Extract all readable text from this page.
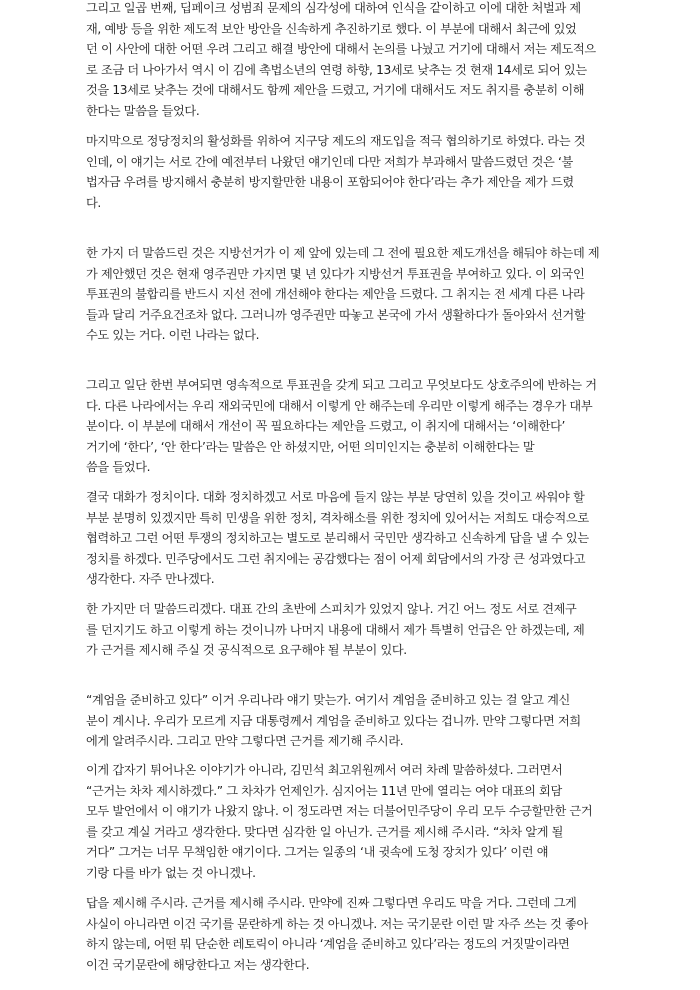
그리고 일곱 번째, 딥페이크 성범죄 문제의 심각성에 대하여 인식을 같이하고 이에 대한 처벌과 제
재, 예방 등을 위한 제도적 보안 방안을 신속하게 추진하기로 했다. 이 부분에 대해서 최근에 있었
던 이 사안에 대한 어떤 우려 그리고 해결 방안에 대해서 논의를 나눴고 거기에 대해서 저는 제도적으
로 조금 더 나아가서 역시 이 김에 촉법소년의 연령 하향, 13세로 낮추는 것 현재 14세로 되어 있는
것을 13세로 낮추는 것에 대해서도 함께 제안을 드렸고, 거기에 대해서도 저도 취지를 충분히 이해
한다는 말씀을 들었다.

마지막으로 정당정치의 활성화를 위하여 지구당 제도의 재도입을 적극 협의하기로 하였다. 라는 것
인데, 이 얘기는 서로 간에 예전부터 나왔던 얘기인데 다만 저희가 부과해서 말씀드렸던 것은 ‘불
법자금 우려를 방지해서 충분히 방지할만한 내용이 포함되어야 한다’라는 추가 제안을 제가 드렸
다.

한 가지 더 말씀드린 것은 지방선거가 이 제 앞에 있는데 그 전에 필요한 제도개선을 해둬야 하는데 제
가 제안했던 것은 현재 영주권만 가지면 몇 년 있다가 지방선거 투표권을 부여하고 있다. 이 외국인
투표권의 불합리를 반드시 지선 전에 개선해야 한다는 제안을 드렸다. 그 취지는 전 세계 다른 나라
들과 달리 거주요건조차 없다. 그러니까 영주권만 따놓고 본국에 가서 생활하다가 돌아와서 선거할
수도 있는 거다. 이런 나라는 없다.

그리고 일단 한번 부여되면 영속적으로 투표권을 갖게 되고 그리고 무엇보다도 상호주의에 반하는 거
다. 다른 나라에서는 우리 재외국민에 대해서 이렇게 안 해주는데 우리만 이렇게 해주는 경우가 대부
분이다. 이 부분에 대해서 개선이 꼭 필요하다는 제안을 드렸고, 이 취지에 대해서는 ‘이해한다’
거기에 ‘한다’, ‘안 한다’라는 말씀은 안 하셨지만, 어떤 의미인지는 충분히 이해한다는 말
씀을 들었다.

결국 대화가 정치이다. 대화 정치하겠고 서로 마음에 들지 않는 부분 당연히 있을 것이고 싸워야 할
부분 분명히 있겠지만 특히 민생을 위한 정치, 격차해소를 위한 정치에 있어서는 저희도 대승적으로
협력하고 그런 어떤 투쟁의 정치하고는 별도로 분리해서 국민만 생각하고 신속하게 답을 낼 수 있는
정치를 하겠다. 민주당에서도 그런 취지에는 공감했다는 점이 어제 회담에서의 가장 큰 성과였다고
생각한다. 자주 만나겠다.

한 가지만 더 말씀드리겠다. 대표 간의 초반에 스피치가 있었지 않나. 거긴 어느 정도 서로 견제구
를 던지기도 하고 이렇게 하는 것이니까 나머지 내용에 대해서 제가 특별히 언급은 안 하겠는데, 제
가 근거를 제시해 주실 것 공식적으로 요구해야 될 부분이 있다.

“계엄을 준비하고 있다” 이거 우리나라 얘기 맞는가. 여기서 계엄을 준비하고 있는 걸 알고 계신
분이 계시나. 우리가 모르게 지금 대통령께서 계엄을 준비하고 있다는 겁니까. 만약 그렇다면 저희
에게 알려주시라. 그리고 만약 그렇다면 근거를 제기해 주시라.

이게 갑자기 튀어나온 이야기가 아니라, 김민석 최고위원께서 여러 차례 말씀하셨다. 그러면서
“근거는 차차 제시하겠다.” 그 차차가 언제인가. 심지어는 11년 만에 열리는 여야 대표의 회담
모두 발언에서 이 얘기가 나왔지 않나. 이 정도라면 저는 더불어민주당이 우리 모두 수긍할만한 근거
를 갖고 계실 거라고 생각한다. 맞다면 심각한 일 아닌가. 근거를 제시해 주시라. “차차 알게 될
거다” 그거는 너무 무책임한 얘기이다. 그거는 일종의 ‘내 귓속에 도청 장치가 있다’ 이런 얘
기랑 다를 바가 없는 것 아니겠나.

답을 제시해 주시라. 근거를 제시해 주시라. 만약에 진짜 그렇다면 우리도 막을 거다. 그런데 그게
사실이 아니라면 이건 국기를 문란하게 하는 것 아니겠나. 저는 국기문란 이런 말 자주 쓰는 것 좋아
하지 않는데, 어떤 뭐 단순한 레토릭이 아니라 ‘계엄을 준비하고 있다’라는 정도의 거짓말이라면
이건 국기문란에 해당한다고 저는 생각한다.
